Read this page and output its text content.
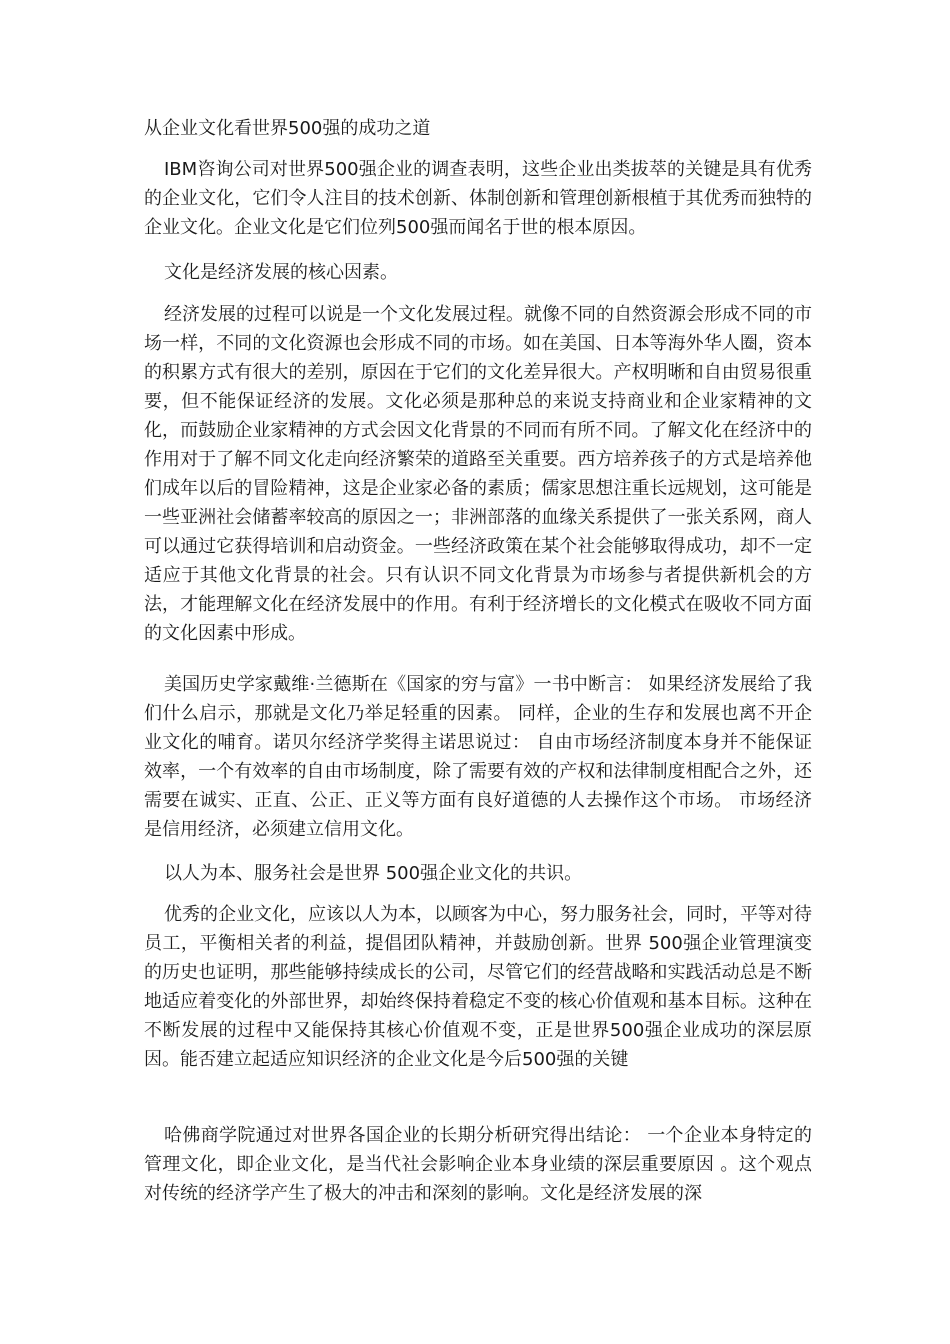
从企业文化看世界500强的成功之道

IBM咨询公司对世界500强企业的调查表明，这些企业出类拔萃的关键是具有优秀的企业文化，它们令人注目的技术创新、体制创新和管理创新根植于其优秀而独特的企业文化。企业文化是它们位列500强而闻名于世的根本原因。

文化是经济发展的核心因素。

经济发展的过程可以说是一个文化发展过程。就像不同的自然资源会形成不同的市场一样，不同的文化资源也会形成不同的市场。如在美国、日本等海外华人圈，资本的积累方式有很大的差别，原因在于它们的文化差异很大。产权明晰和自由贸易很重要，但不能保证经济的发展。文化必须是那种总的来说支持商业和企业家精神的文化，而鼓励企业家精神的方式会因文化背景的不同而有所不同。了解文化在经济中的作用对于了解不同文化走向经济繁荣的道路至关重要。西方培养孩子的方式是培养他们成年以后的冒险精神，这是企业家必备的素质；儒家思想注重长远规划，这可能是一些亚洲社会储蓄率较高的原因之一；非洲部落的血缘关系提供了一张关系网，商人可以通过它获得培训和启动资金。一些经济政策在某个社会能够取得成功，却不一定适应于其他文化背景的社会。只有认识不同文化背景为市场参与者提供新机会的方法，才能理解文化在经济发展中的作用。有利于经济增长的文化模式在吸收不同方面的文化因素中形成。

美国历史学家戴维·兰德斯在《国家的穷与富》一书中断言： 如果经济发展给了我们什么启示，那就是文化乃举足轻重的因素。 同样，企业的生存和发展也离不开企业文化的哺育。诺贝尔经济学奖得主诺思说过： 自由市场经济制度本身并不能保证效率，一个有效率的自由市场制度，除了需要有效的产权和法律制度相配合之外，还需要在诚实、正直、公正、正义等方面有良好道德的人去操作这个市场。 市场经济是信用经济，必须建立信用文化。

以人为本、服务社会是世界 500强企业文化的共识。

优秀的企业文化，应该以人为本，以顾客为中心，努力服务社会，同时，平等对待员工，平衡相关者的利益，提倡团队精神，并鼓励创新。世界 500强企业管理演变的历史也证明，那些能够持续成长的公司，尽管它们的经营战略和实践活动总是不断地适应着变化的外部世界，却始终保持着稳定不变的核心价值观和基本目标。这种在不断发展的过程中又能保持其核心价值观不变，正是世界500强企业成功的深层原因。能否建立起适应知识经济的企业文化是今后500强的关键

哈佛商学院通过对世界各国企业的长期分析研究得出结论： 一个企业本身特定的管理文化，即企业文化，是当代社会影响企业本身业绩的深层重要原因 。这个观点对传统的经济学产生了极大的冲击和深刻的影响。文化是经济发展的深
